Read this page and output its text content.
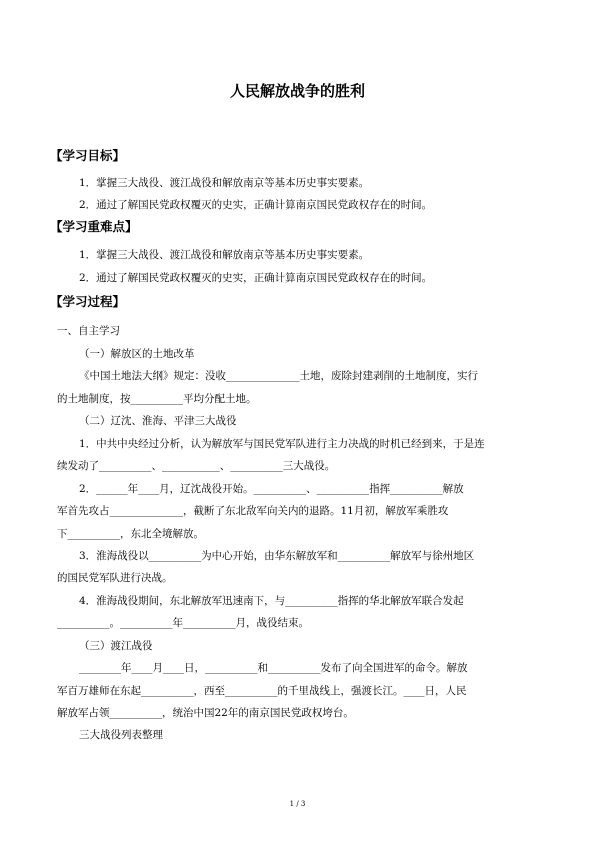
人民解放战争的胜利
【学习目标】
1．掌握三大战役、渡江战役和解放南京等基本历史事实要素。
2．通过了解国民党政权覆灭的史实，正确计算南京国民党政权存在的时间。
【学习重难点】
1．掌握三大战役、渡江战役和解放南京等基本历史事实要素。
2．通过了解国民党政权覆灭的史实，正确计算南京国民党政权存在的时间。
【学习过程】
一、自主学习
（一）解放区的土地改革
《中国土地法大纲》规定：没收______________土地，废除封建剥削的土地制度，实行
的土地制度，按__________平均分配土地。
（二）辽沈、淮海、平津三大战役
1．中共中央经过分析，认为解放军与国民党军队进行主力决战的时机已经到来，于是连
续发动了__________、___________、__________三大战役。
2．______年____月，辽沈战役开始。__________、__________指挥__________解放
军首先攻占______________，截断了东北敌军向关内的退路。11月初，解放军乘胜攻
下__________，东北全境解放。
3．淮海战役以__________为中心开始，由华东解放军和__________解放军与徐州地区
的国民党军队进行决战。
4．淮海战役期间，东北解放军迅速南下，与__________指挥的华北解放军联合发起
__________。__________年__________月，战役结束。
（三）渡江战役
________年____月____日，__________和__________发布了向全国进军的命令。解放
军百万雄师在东起__________，西至__________的千里战线上，强渡长江。____日，人民
解放军占领__________，统治中国22年的南京国民党政权垮台。
三大战役列表整理
1 / 3
